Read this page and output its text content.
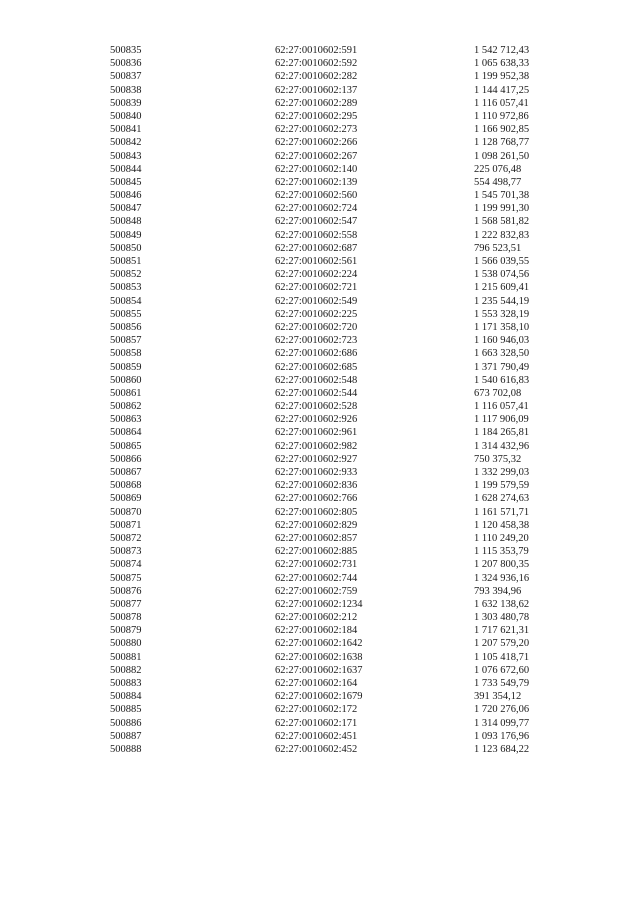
500835	62:27:0010602:591	1 542 712,43
500836	62:27:0010602:592	1 065 638,33
500837	62:27:0010602:282	1 199 952,38
500838	62:27:0010602:137	1 144 417,25
500839	62:27:0010602:289	1 116 057,41
500840	62:27:0010602:295	1 110 972,86
500841	62:27:0010602:273	1 166 902,85
500842	62:27:0010602:266	1 128 768,77
500843	62:27:0010602:267	1 098 261,50
500844	62:27:0010602:140	225 076,48
500845	62:27:0010602:139	554 498,77
500846	62:27:0010602:560	1 545 701,38
500847	62:27:0010602:724	1 199 991,30
500848	62:27:0010602:547	1 568 581,82
500849	62:27:0010602:558	1 222 832,83
500850	62:27:0010602:687	796 523,51
500851	62:27:0010602:561	1 566 039,55
500852	62:27:0010602:224	1 538 074,56
500853	62:27:0010602:721	1 215 609,41
500854	62:27:0010602:549	1 235 544,19
500855	62:27:0010602:225	1 553 328,19
500856	62:27:0010602:720	1 171 358,10
500857	62:27:0010602:723	1 160 946,03
500858	62:27:0010602:686	1 663 328,50
500859	62:27:0010602:685	1 371 790,49
500860	62:27:0010602:548	1 540 616,83
500861	62:27:0010602:544	673 702,08
500862	62:27:0010602:528	1 116 057,41
500863	62:27:0010602:926	1 117 906,09
500864	62:27:0010602:961	1 184 265,81
500865	62:27:0010602:982	1 314 432,96
500866	62:27:0010602:927	750 375,32
500867	62:27:0010602:933	1 332 299,03
500868	62:27:0010602:836	1 199 579,59
500869	62:27:0010602:766	1 628 274,63
500870	62:27:0010602:805	1 161 571,71
500871	62:27:0010602:829	1 120 458,38
500872	62:27:0010602:857	1 110 249,20
500873	62:27:0010602:885	1 115 353,79
500874	62:27:0010602:731	1 207 800,35
500875	62:27:0010602:744	1 324 936,16
500876	62:27:0010602:759	793 394,96
500877	62:27:0010602:1234	1 632 138,62
500878	62:27:0010602:212	1 303 480,78
500879	62:27:0010602:184	1 717 621,31
500880	62:27:0010602:1642	1 207 579,20
500881	62:27:0010602:1638	1 105 418,71
500882	62:27:0010602:1637	1 076 672,60
500883	62:27:0010602:164	1 733 549,79
500884	62:27:0010602:1679	391 354,12
500885	62:27:0010602:172	1 720 276,06
500886	62:27:0010602:171	1 314 099,77
500887	62:27:0010602:451	1 093 176,96
500888	62:27:0010602:452	1 123 684,22
